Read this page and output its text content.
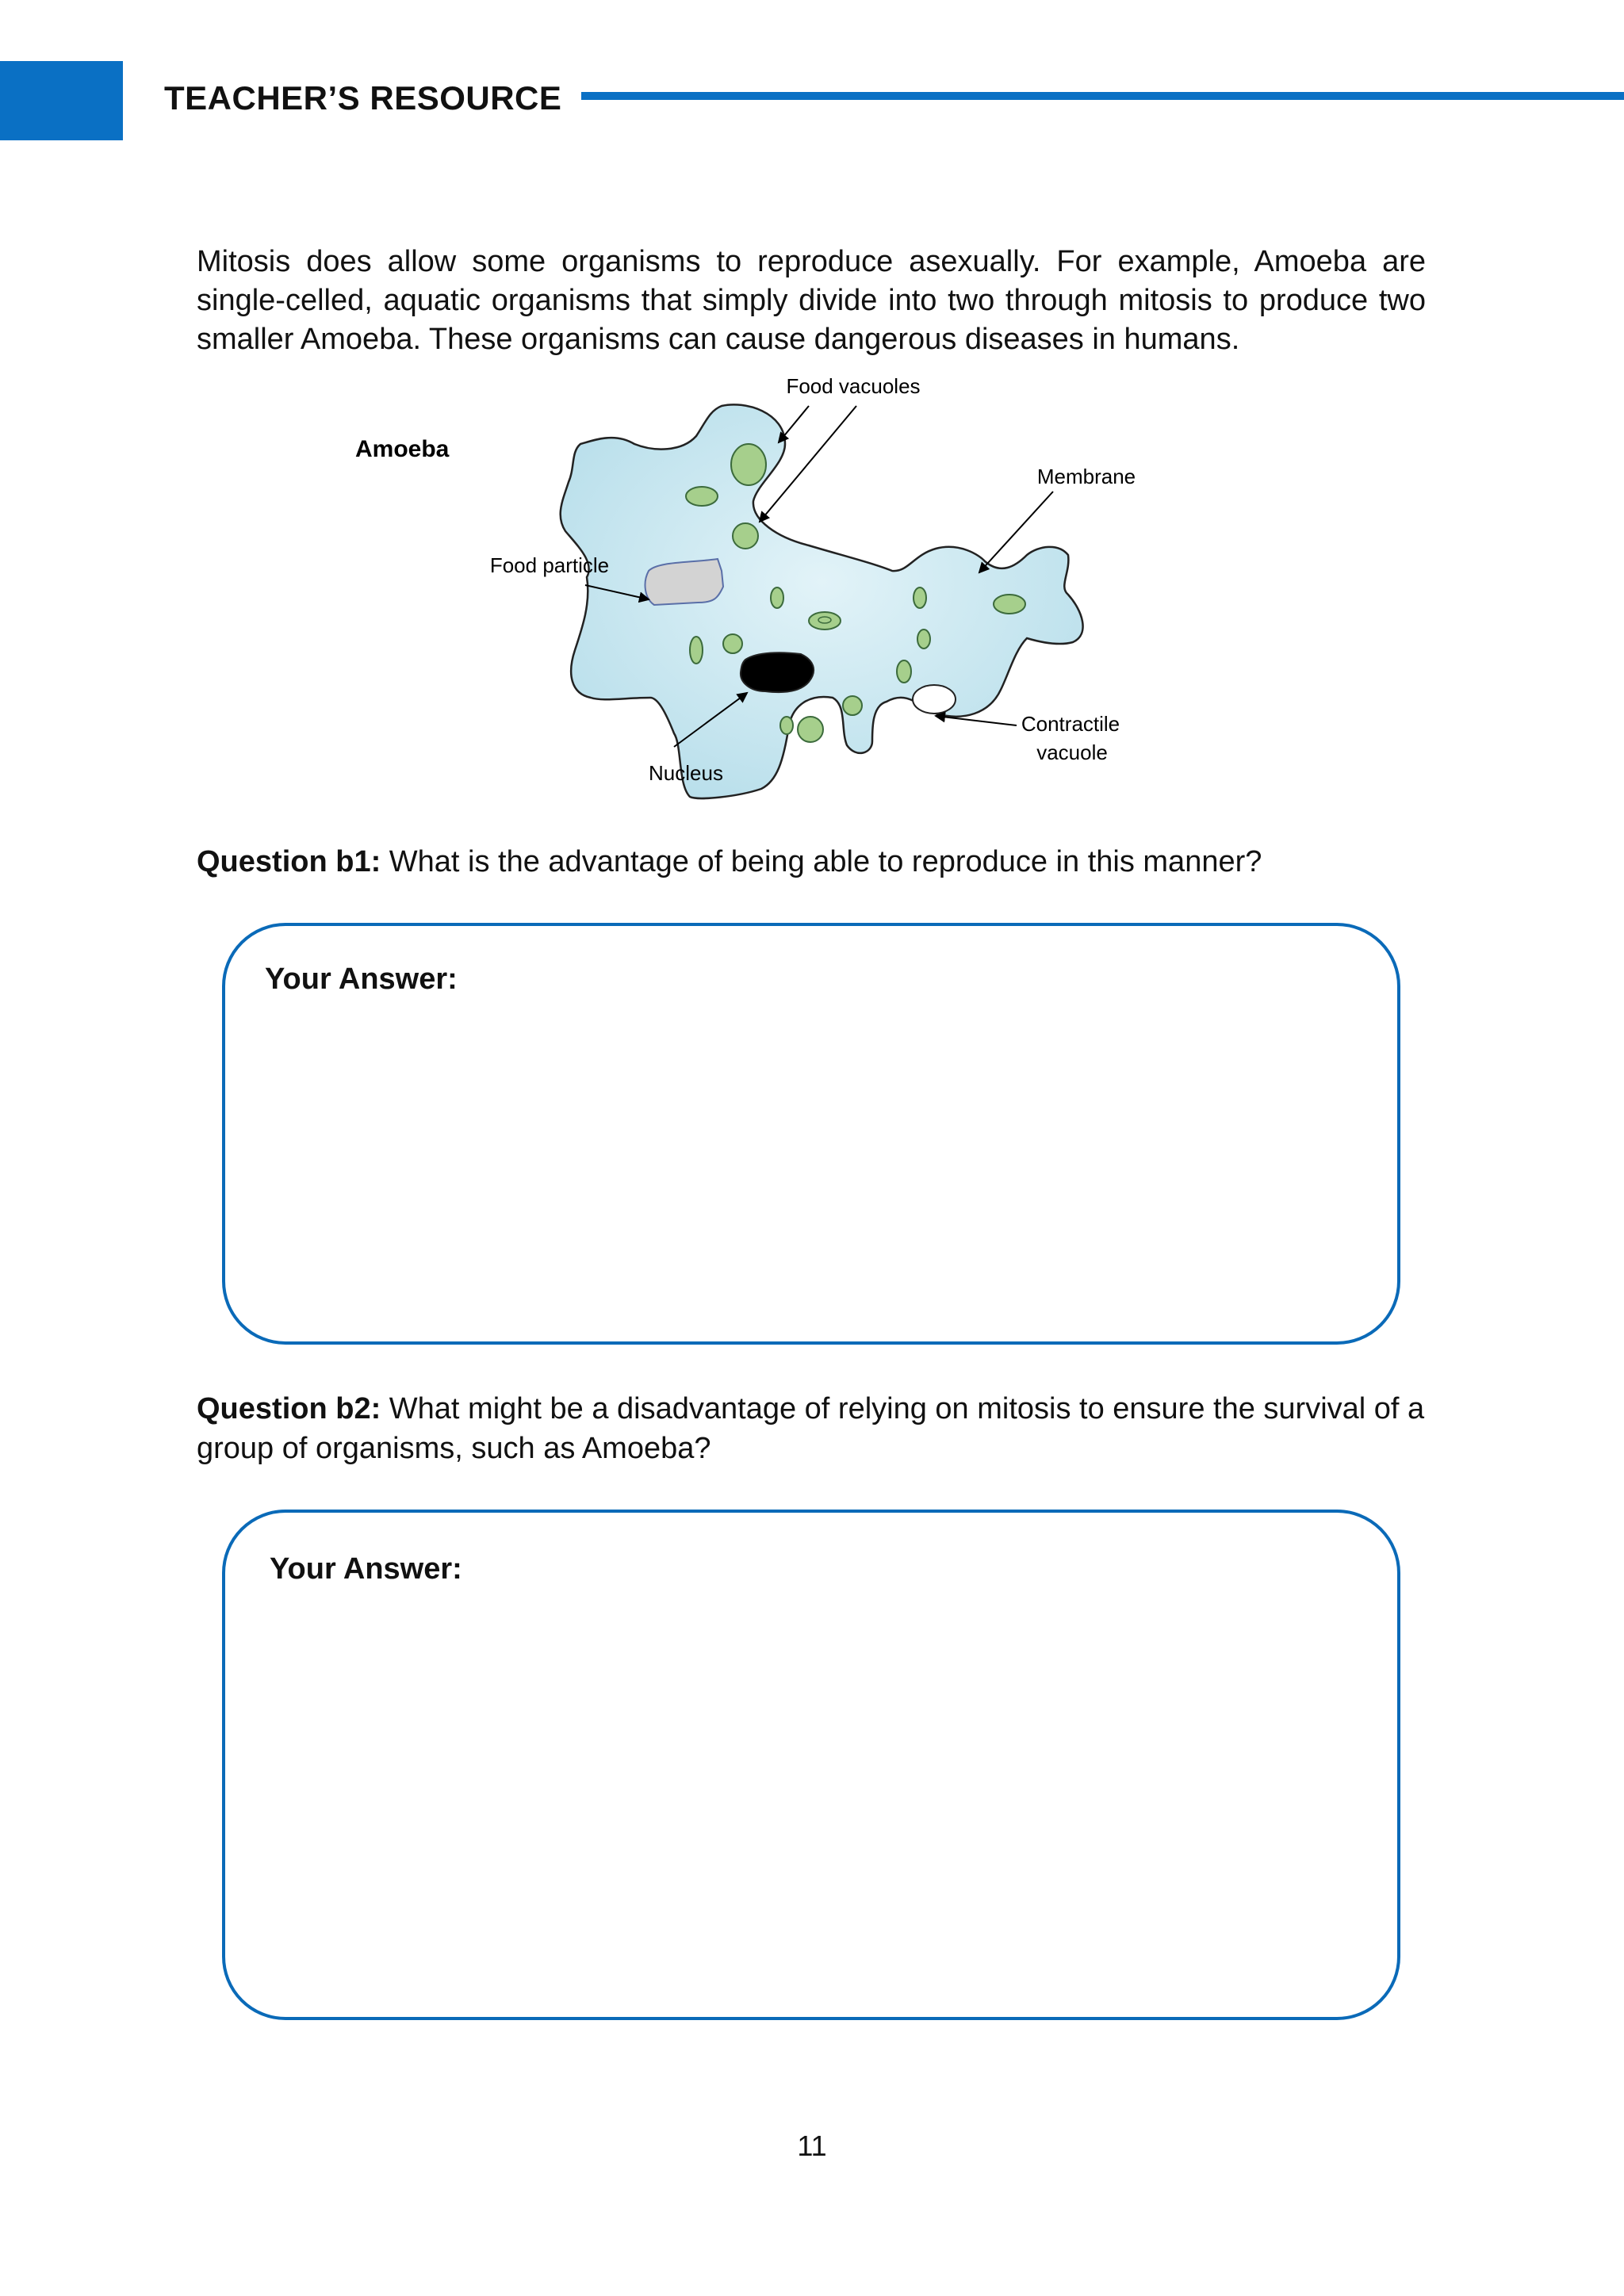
TEACHER’S RESOURCE

Mitosis does allow some organisms to reproduce asexually. For example, Amoeba are single-celled, aquatic organisms that simply divide into two through mitosis to produce two smaller Amoeba. These organisms can cause dangerous diseases in humans.

Amoeba
Food vacuoles
Membrane
Food particle
Contractile
vacuole
Nucleus
Question b1: What is the advantage of being able to reproduce in this manner?
Your Answer:
Question b2: What might be a disadvantage of relying on mitosis to ensure the survival of a group of organisms, such as Amoeba?
Your Answer:
11
